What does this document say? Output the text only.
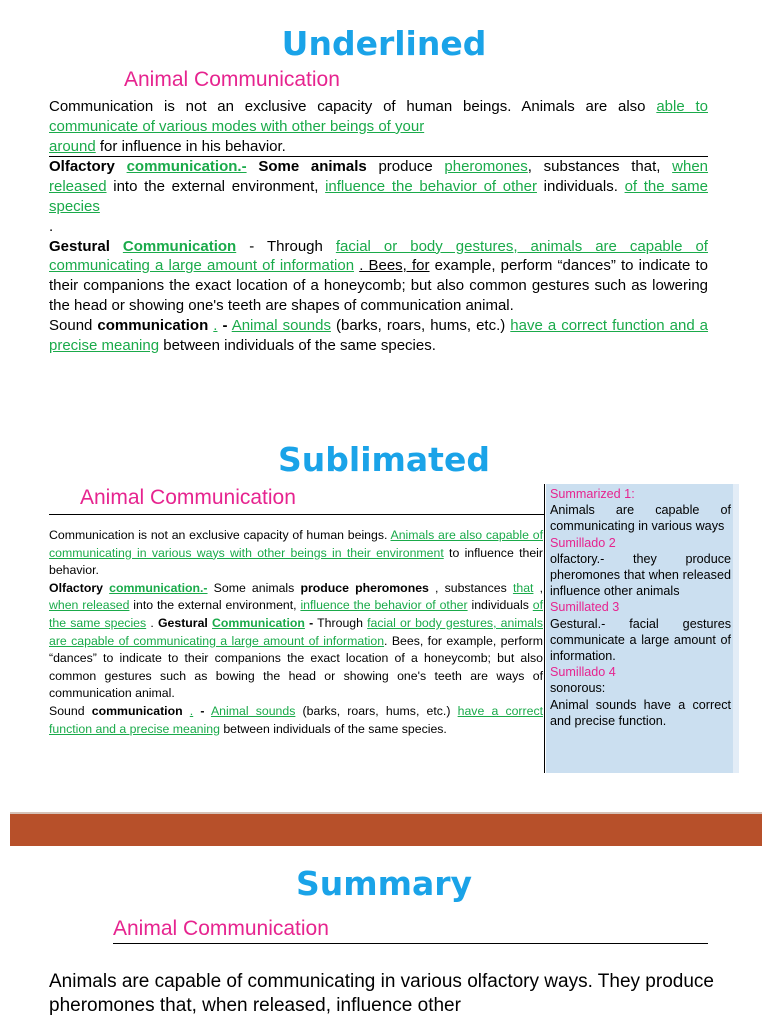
Underlined
Animal Communication

Communication is not an exclusive capacity of human beings. Animals are also able to communicate of various modes with other beings of your

around for influence in his behavior.

Olfactory communication.- Some animals produce pheromones, substances that, when released into the external environment, influence the behavior of other individuals. of the same species

.

Gestural Communication - Through facial or body gestures, animals are capable of communicating a large amount of information . Bees, for example, perform “dances” to indicate to their companions the exact location of a honeycomb; but also common gestures such as lowering the head or showing one's teeth are shapes of communication animal.

Sound communication . - Animal sounds (barks, roars, hums, etc.) have a correct function and a precise meaning between individuals of the same species.

Sublimated
Animal Communication

Communication is not an exclusive capacity of human beings. Animals are also capable of communicating in various ways with other beings in their environment to influence their behavior.

Olfactory communication.- Some animals produce pheromones , substances that , when released into the external environment, influence the behavior of other individuals of the same species . Gestural Communication - Through facial or body gestures, animals are capable of communicating a large amount of information. Bees, for example, perform “dances” to indicate to their companions the exact location of a honeycomb; but also common gestures such as bowing the head or showing one's teeth are ways of communication animal.

Sound communication . - Animal sounds (barks, roars, hums, etc.) have a correct function and a precise meaning between individuals of the same species.

Summarized 1:
Animals are capable of communicating in various ways
Sumillado 2
olfactory.- they produce pheromones that when released influence other animals
Sumillated 3
Gestural.- facial gestures communicate a large amount of information.
Sumillado 4
sonorous:
Animal sounds have a correct and precise function.
Summary
Animal Communication

Animals are capable of communicating in various olfactory ways. They produce pheromones that, when released, influence other
